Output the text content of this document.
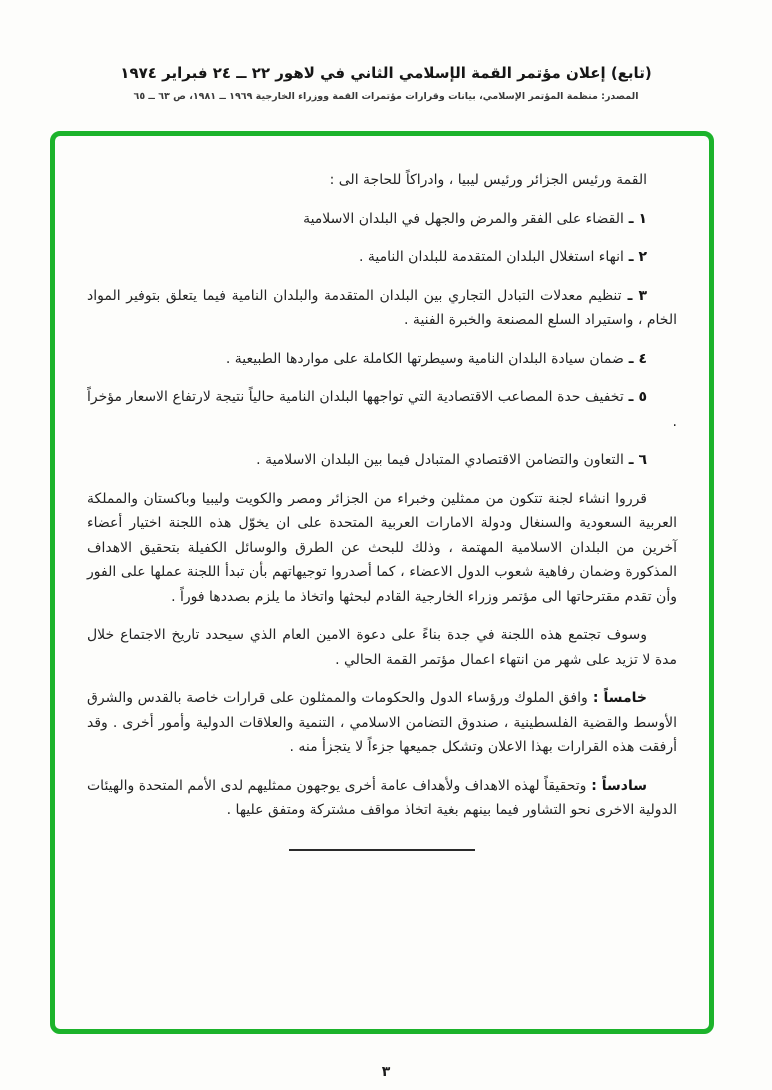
(تابع) إعلان مؤتمر القمة الإسلامي الثاني في لاهور ٢٢ ــ ٢٤ فبراير ١٩٧٤
المصدر: منظمة المؤتمر الإسلامي، بيانات وقرارات مؤتمرات القمة ووزراء الخارجية ١٩٦٩ ــ ١٩٨١، ص ٦٣ ــ ٦٥

القمة ورئيس الجزائر ورئيس ليبيا ، وادراكاً للحاجة الى :

١ ـ القضاء على الفقر والمرض والجهل في البلدان الاسلامية

٢ ـ انهاء استغلال البلدان المتقدمة للبلدان النامية .

٣ ـ تنظيم معدلات التبادل التجاري بين البلدان المتقدمة والبلدان النامية فيما يتعلق بتوفير المواد الخام ، واستيراد السلع المصنعة والخبرة الفنية .

٤ ـ ضمان سيادة البلدان النامية وسيطرتها الكاملة على مواردها الطبيعية .

٥ ـ تخفيف حدة المصاعب الاقتصادية التي تواجهها البلدان النامية حالياً نتيجة لارتفاع الاسعار مؤخراً .

٦ ـ التعاون والتضامن الاقتصادي المتبادل فيما بين البلدان الاسلامية .

قرروا انشاء لجنة تتكون من ممثلين وخبراء من الجزائر ومصر والكويت وليبيا وباكستان والمملكة العربية السعودية والسنغال ودولة الامارات العربية المتحدة على ان يخوّل هذه اللجنة اختيار أعضاء آخرين من البلدان الاسلامية المهتمة ، وذلك للبحث عن الطرق والوسائل الكفيلة بتحقيق الاهداف المذكورة وضمان رفاهية شعوب الدول الاعضاء ، كما أصدروا توجيهاتهم بأن تبدأ اللجنة عملها على الفور وأن تقدم مقترحاتها الى مؤتمر وزراء الخارجية القادم لبحثها واتخاذ ما يلزم بصددها فوراً .

وسوف تجتمع هذه اللجنة في جدة بناءً على دعوة الامين العام الذي سيحدد تاريخ الاجتماع خلال مدة لا تزيد على شهر من انتهاء اعمال مؤتمر القمة الحالي .

خامساً : وافق الملوك ورؤساء الدول والحكومات والممثلون على قرارات خاصة بالقدس والشرق الأوسط والقضية الفلسطينية ، صندوق التضامن الاسلامي ، التنمية والعلاقات الدولية وأمور أخرى . وقد أرفقت هذه القرارات بهذا الاعلان وتشكل جميعها جزءاً لا يتجزأ منه .

سادساً : وتحقيقاً لهذه الاهداف ولأهداف عامة أخرى يوجهون ممثليهم لدى الأمم المتحدة والهيئات الدولية الاخرى نحو التشاور فيما بينهم بغية اتخاذ مواقف مشتركة ومتفق عليها .

٣
